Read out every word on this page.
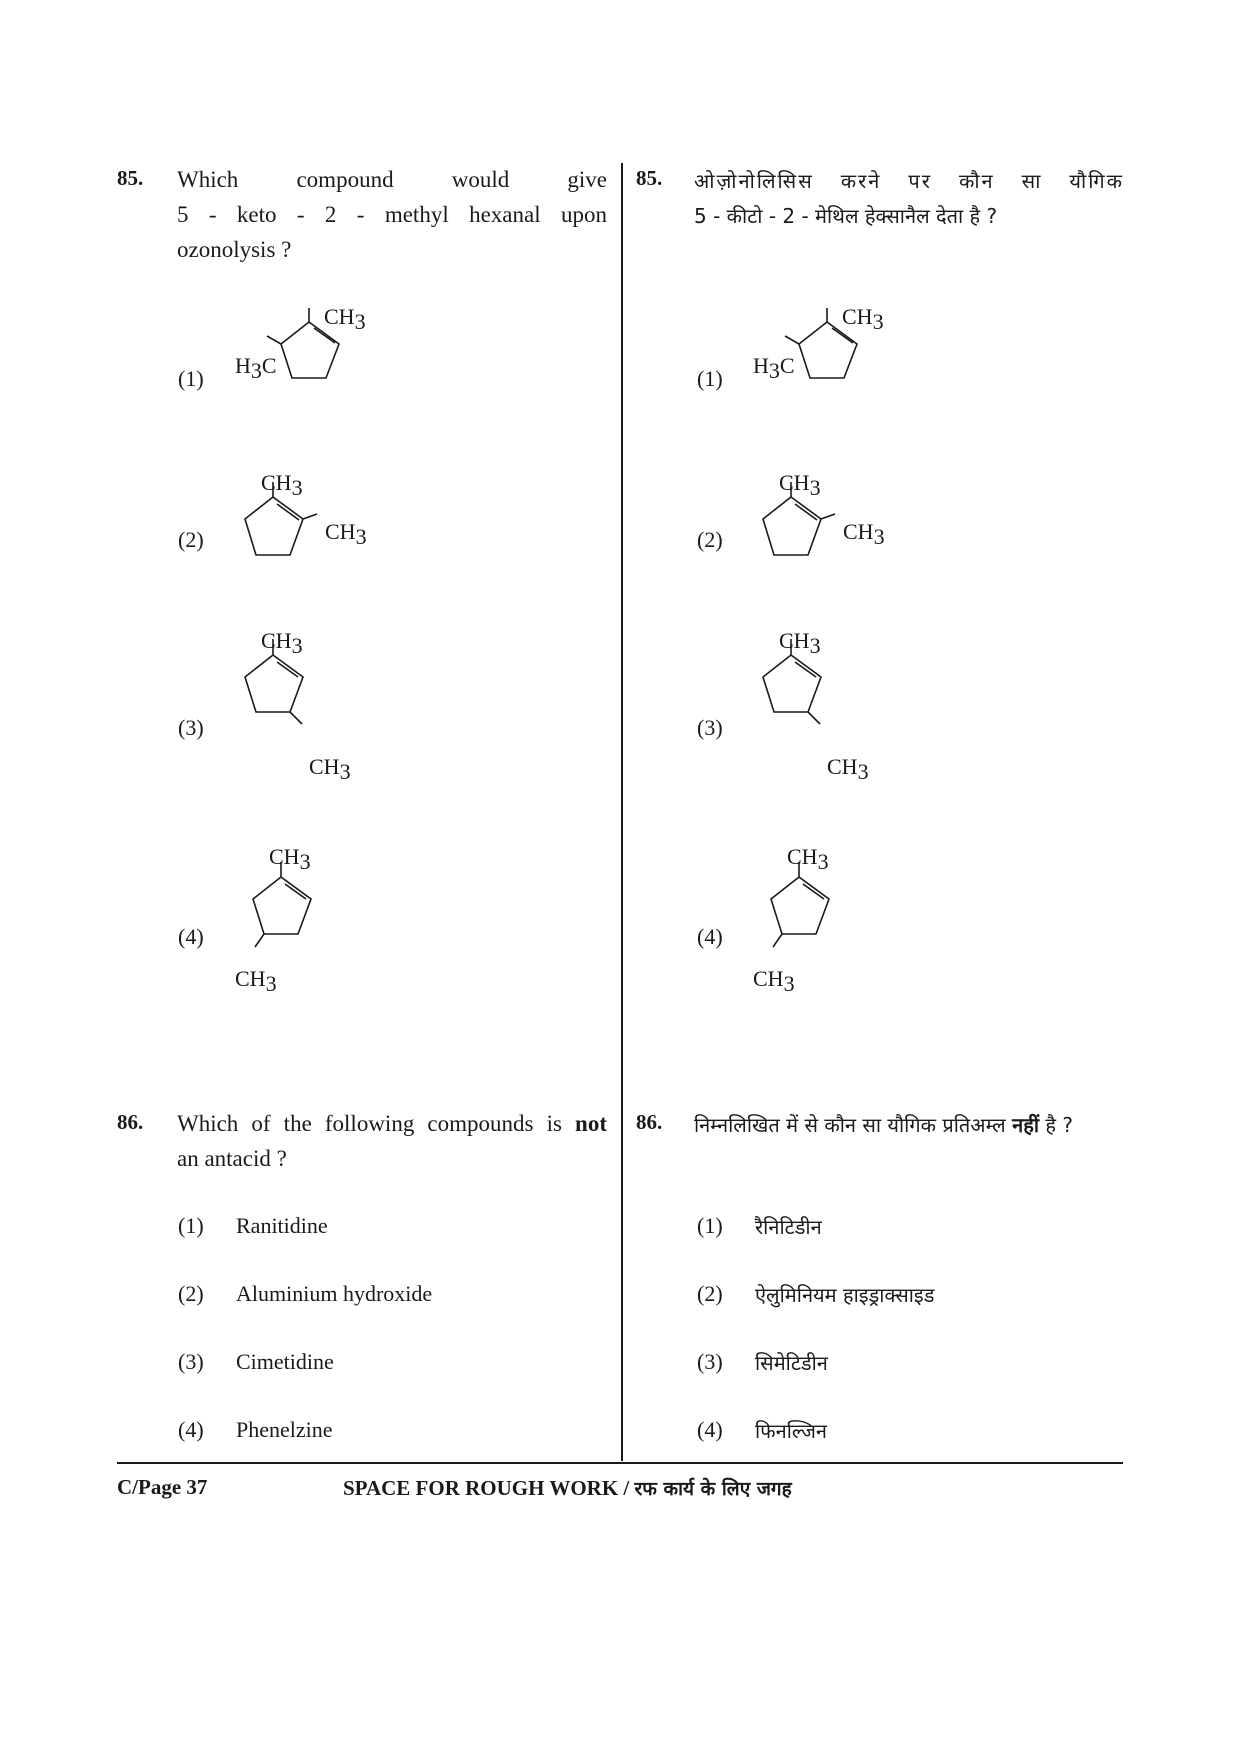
85. Which	compound	would	give
5 - keto - 2 - methyl hexanal upon
ozonolysis ?
(1)
(2)
(3)
(4)
CH3
H3C
CH3
CH3
CH3
CH3
CH3
CH3
86. Which of the following compounds is not
an antacid ?
(1) Ranitidine
(2) Aluminium hydroxide
(3) Cimetidine
(4) Phenelzine
85. ओज़ोनोलिसिस करने पर कौन सा यौगिक
5 - कीटो - 2 - मेथिल हेक्सानैल देता है ?
(1)
(2)
(3)
(4)
CH3
H3C
CH3
CH3
CH3
CH3
CH3
CH3
86. निम्नलिखित में से कौन सा यौगिक प्रतिअम्ल नहीं है ?
(1) रैनिटिडीन
(2) ऐलुमिनियम हाइड्राक्साइड
(3) सिमेटिडीन
(4) फिनल्जिन
C/Page 37	SPACE FOR ROUGH WORK / रफ कार्य के लिए जगह
